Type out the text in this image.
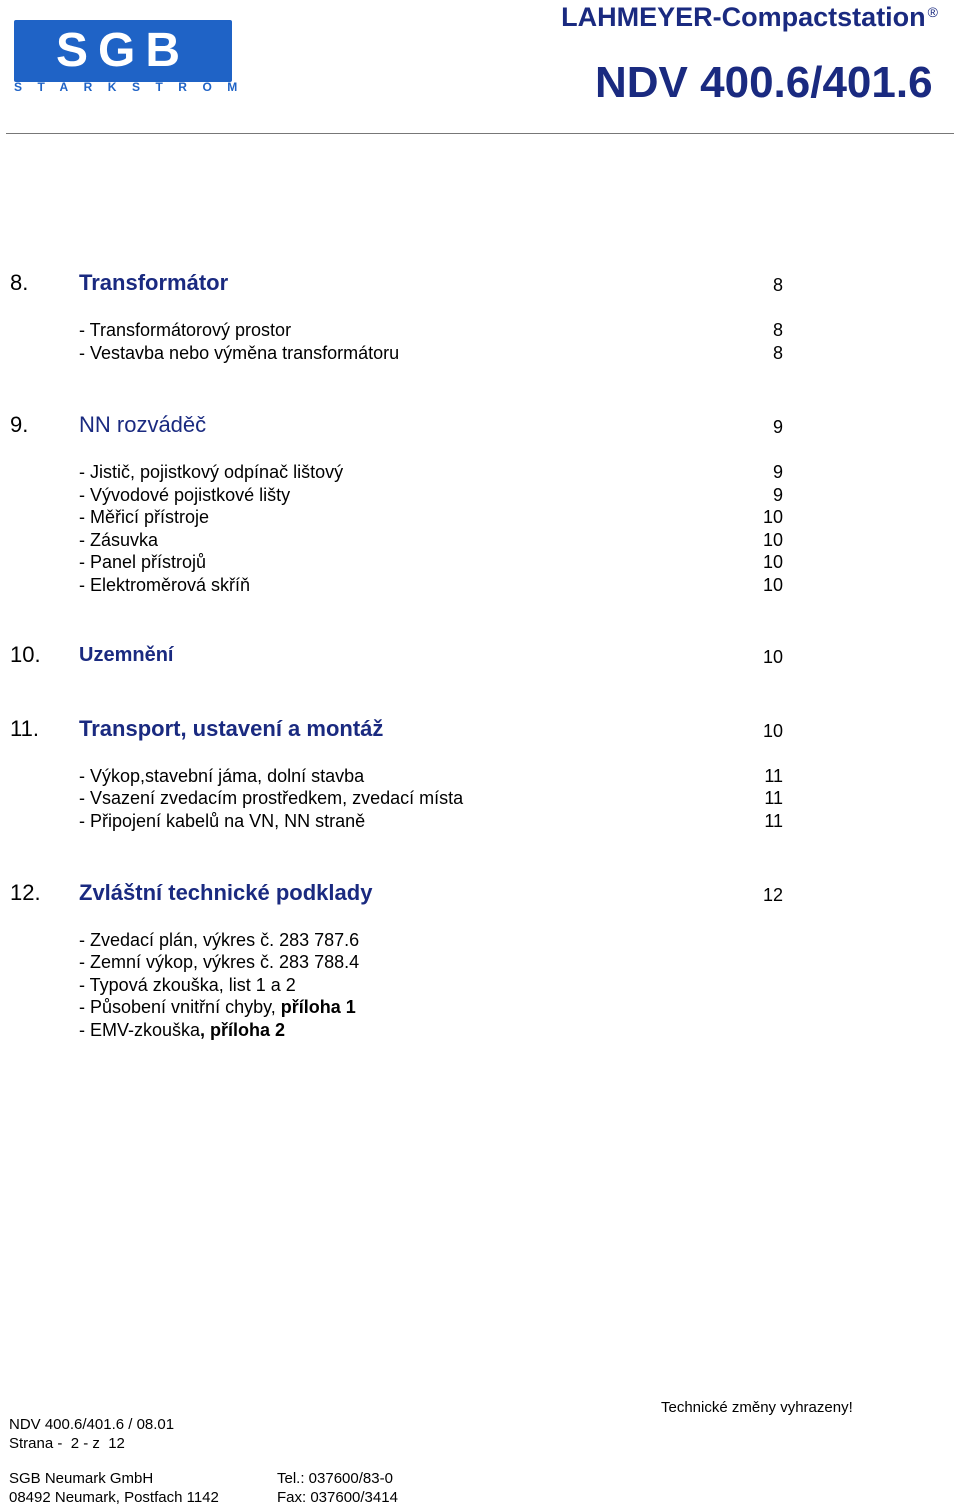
SGB
STARKSTROM
LAHMEYER-Compactstation ®
NDV 400.6/401.6
8. Transformátor	8
- Transformátorový prostor	8
- Vestavba nebo výměna transformátoru	8
9. NN rozváděč	9
- Jistič, pojistkový odpínač lištový	9
- Vývodové pojistkové lišty	9
- Měřicí přístroje	10
- Zásuvka	10
- Panel přístrojů	10
- Elektroměrová skříň	10
10. Uzemnění	10
11. Transport, ustavení a montáž	10
- Výkop,stavební jáma, dolní stavba	11
- Vsazení zvedacím prostředkem, zvedací místa	11
- Připojení kabelů na VN, NN straně	11
12. Zvláštní technické podklady	12
- Zvedací plán, výkres č. 283 787.6
- Zemní výkop, výkres č. 283 788.4
- Typová zkouška, list 1 a 2
- Působení vnitřní chyby, příloha 1
- EMV-zkouška, příloha 2
Technické změny vyhrazeny!
NDV 400.6/401.6 / 08.01
Strana -  2 - z  12
SGB Neumark GmbH	Tel.: 037600/83-0
08492 Neumark, Postfach 1142	Fax: 037600/3414
